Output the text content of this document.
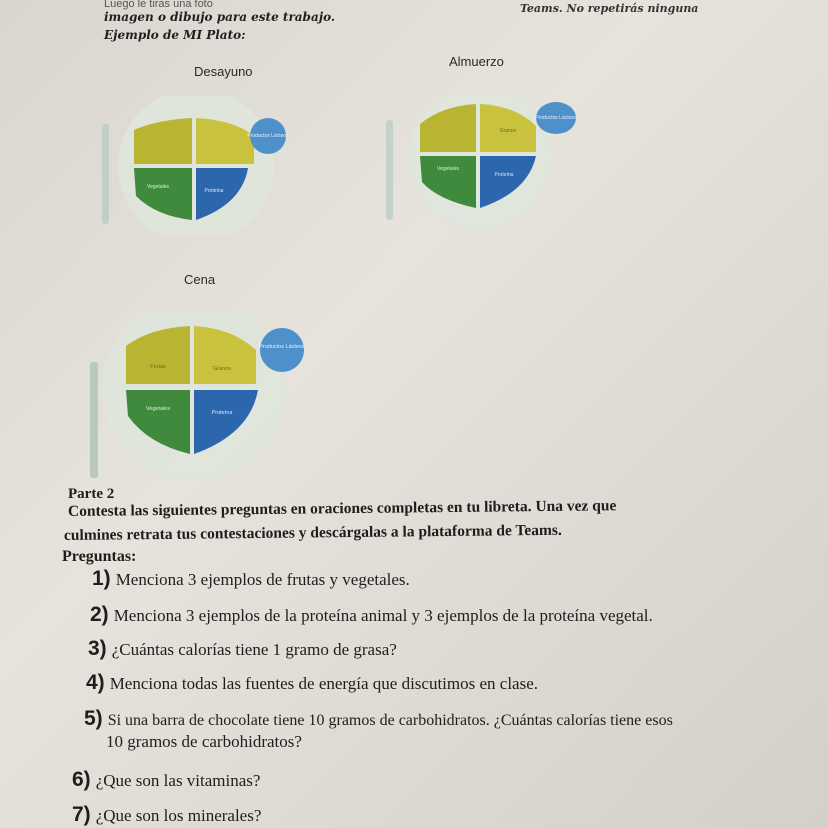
Luego le tiras una foto	Teams. No repetirás ninguna
imagen o dibujo para este trabajo.
Ejemplo de MI Plato:
Desayuno
Almuerzo
Cena
Productos Lácteos
Vegetales
Proteína
Productos Lácteos
Granos
Vegetales
Proteína
Productos Lácteos
Frutas	Granos
Vegetales
Proteína
Parte 2
Contesta las siguientes preguntas en oraciones completas en tu libreta. Una vez que
culmines retrata tus contestaciones y descárgalas a la plataforma de Teams.
Preguntas:
1) Menciona 3 ejemplos de frutas y vegetales.
2) Menciona 3 ejemplos de la proteína animal y 3 ejemplos de la proteína vegetal.
3) ¿Cuántas calorías tiene 1 gramo de grasa?
4) Menciona todas las fuentes de energía que discutimos en clase.
5) Si una barra de chocolate tiene 10 gramos de carbohidratos. ¿Cuántas calorías tiene esos
10 gramos de carbohidratos?
6) ¿Que son las vitaminas?
7) ¿Que son los minerales?
